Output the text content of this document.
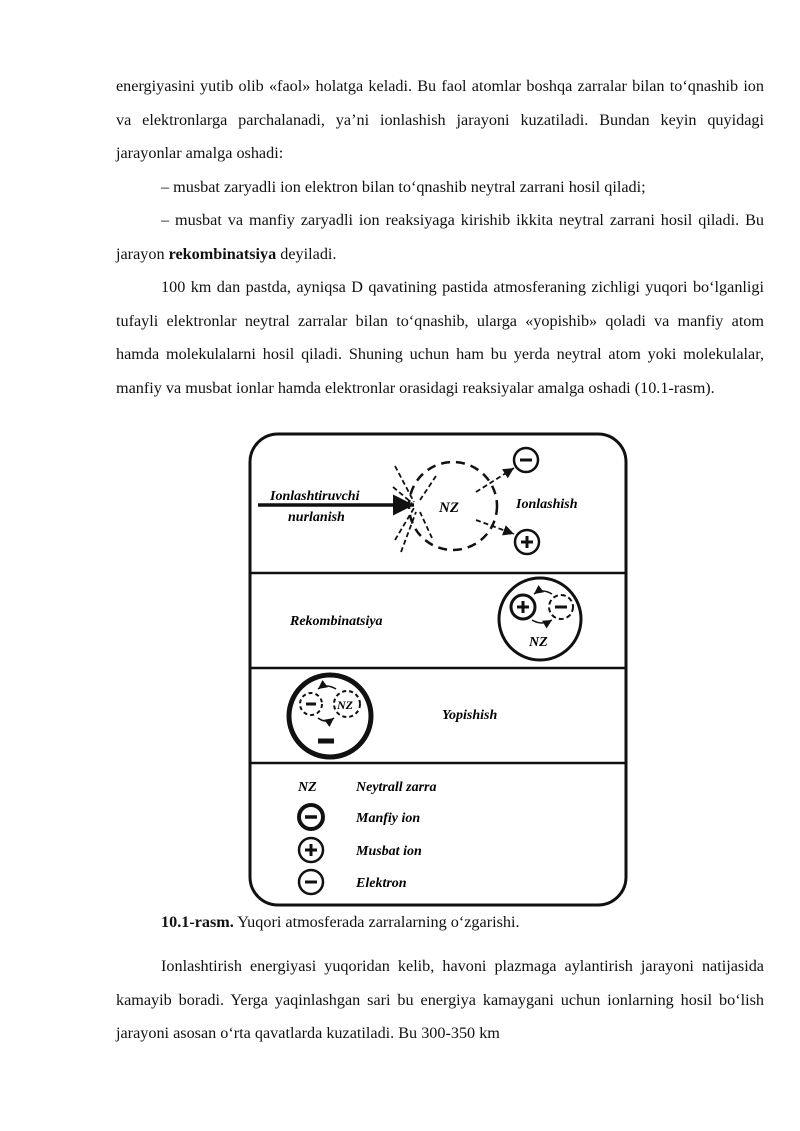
energiyasini yutib olib «faol» holatga keladi. Bu faol atomlar boshqa zarralar bilan to‘qnashib ion va elektronlarga parchalanadi, ya’ni ionlashish jarayoni kuzatiladi. Bundan keyin quyidagi jarayonlar amalga oshadi:

– musbat zaryadli ion elektron bilan to‘qnashib neytral zarrani hosil qiladi;

– musbat va manfiy zaryadli ion reaksiyaga kirishib ikkita neytral zarrani hosil qiladi. Bu jarayon rekombinatsiya deyiladi.

100 km dan pastda, ayniqsa D qavatining pastida atmosferaning zichligi yuqori bo‘lganligi tufayli elektronlar neytral zarralar bilan to‘qnashib, ularga «yopishib» qoladi va manfiy atom hamda molekulalarni hosil qiladi. Shuning uchun ham bu yerda neytral atom yoki molekulalar, manfiy va musbat ionlar hamda elektronlar orasidagi reaksiyalar amalga oshadi (10.1-rasm).

Ionlashtiruvchi
nurlanish
NZ	Ionlashish
Rekombinatsiya
NZ
NZ
Yopishish
NZ	Neytrall zarra
Manfiy ion
Musbat ion
Elektron

10.1-rasm. Yuqori atmosferada zarralarning o‘zgarishi.

Ionlashtirish energiyasi yuqoridan kelib, havoni plazmaga aylantirish jarayoni natijasida kamayib boradi. Yerga yaqinlashgan sari bu energiya kamaygani uchun ionlarning hosil bo‘lish jarayoni asosan o‘rta qavatlarda kuzatiladi. Bu 300-350 km
